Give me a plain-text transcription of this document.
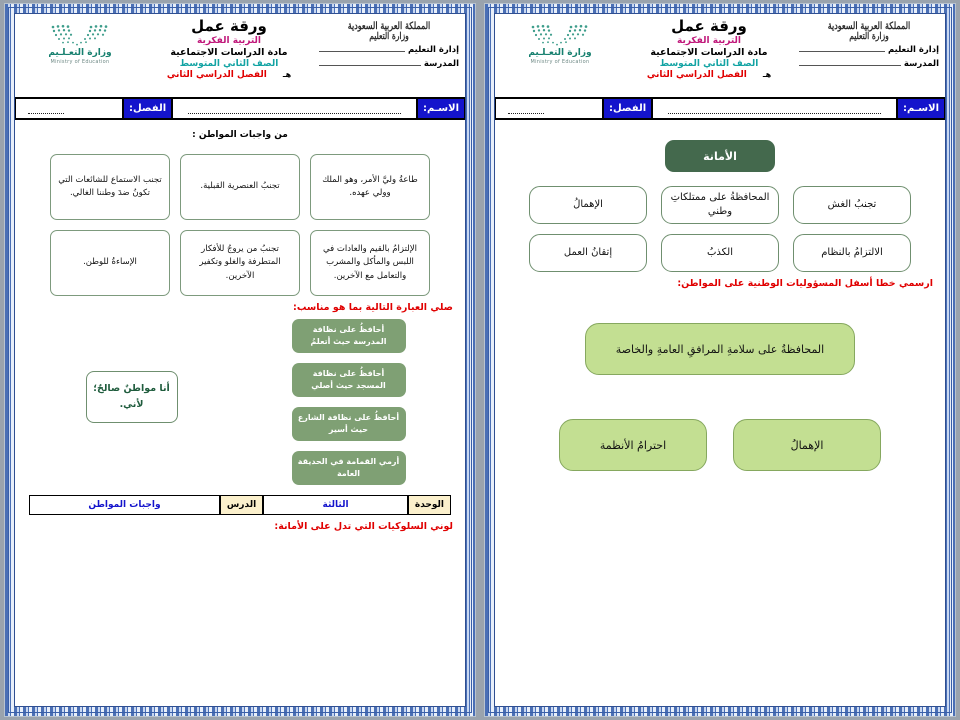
المملكة العربية السعودية
وزارة التعليم
إدارة التعليم
المدرسة
ورقة عمل
التربية الفكرية
مادة الدراسات الاجتماعية
الصف الثاني المتوسط
هـ
الفصل الدراسي الثاني
وزارة التعـلـيم
Ministry of Education
الاسـم:
الفصل:
الأمانة
تجنبُ الغش
المحافظةُ على ممتلكاتِ وطني
الإهمالُ
الالتزامُ بالنظام
الكذبُ
إتقانُ العمل
ارسمي خطا أسفل المسؤوليات الوطنية على المواطن:
المحافظةُ على سلامةِ المرافقِ العامةِ والخاصة
الإهمالُ
احترامُ الأنظمة
المملكة العربية السعودية
وزارة التعليم
إدارة التعليم
المدرسة
ورقة عمل
التربية الفكرية
مادة الدراسات الاجتماعية
الصف الثاني المتوسط
هـ
الفصل الدراسي الثاني
وزارة التعـلـيم
Ministry of Education
الاسـم:
الفصل:
من واجبات المواطن :
طاعةُ وليَّ الأمر، وهو الملك وولي عهده.
تجنبُ العنصرية القبلية.
تجنب الاستماع للشائعات التي تكونُ ضدَ وطننا الغالي.
الإلتزامُ بالقيم والعادات في اللبس والمأكل والمشرب والتعامل مع الآخرين.
تجنبُ من يروجُ للأفكار المتطرفة والغلو وتكفير الآخرين.
الإساءةُ للوطن.
صلي العبارة التالية بما هو مناسب:
أحافظُ على نظافة المدرسة حيث أتعلمُ
أحافظُ على نظافة المسجد حيث أصلي
أحافظُ على نظافة الشارع حيث أسير
أرمي القمامة في الحديقة العامة
أنا مواطنٌ صالحٌ؛ لأني.
الوحدة
الثالثة
الدرس
واجبات المواطن
لوني السلوكيات التي تدل على الأمانة:
